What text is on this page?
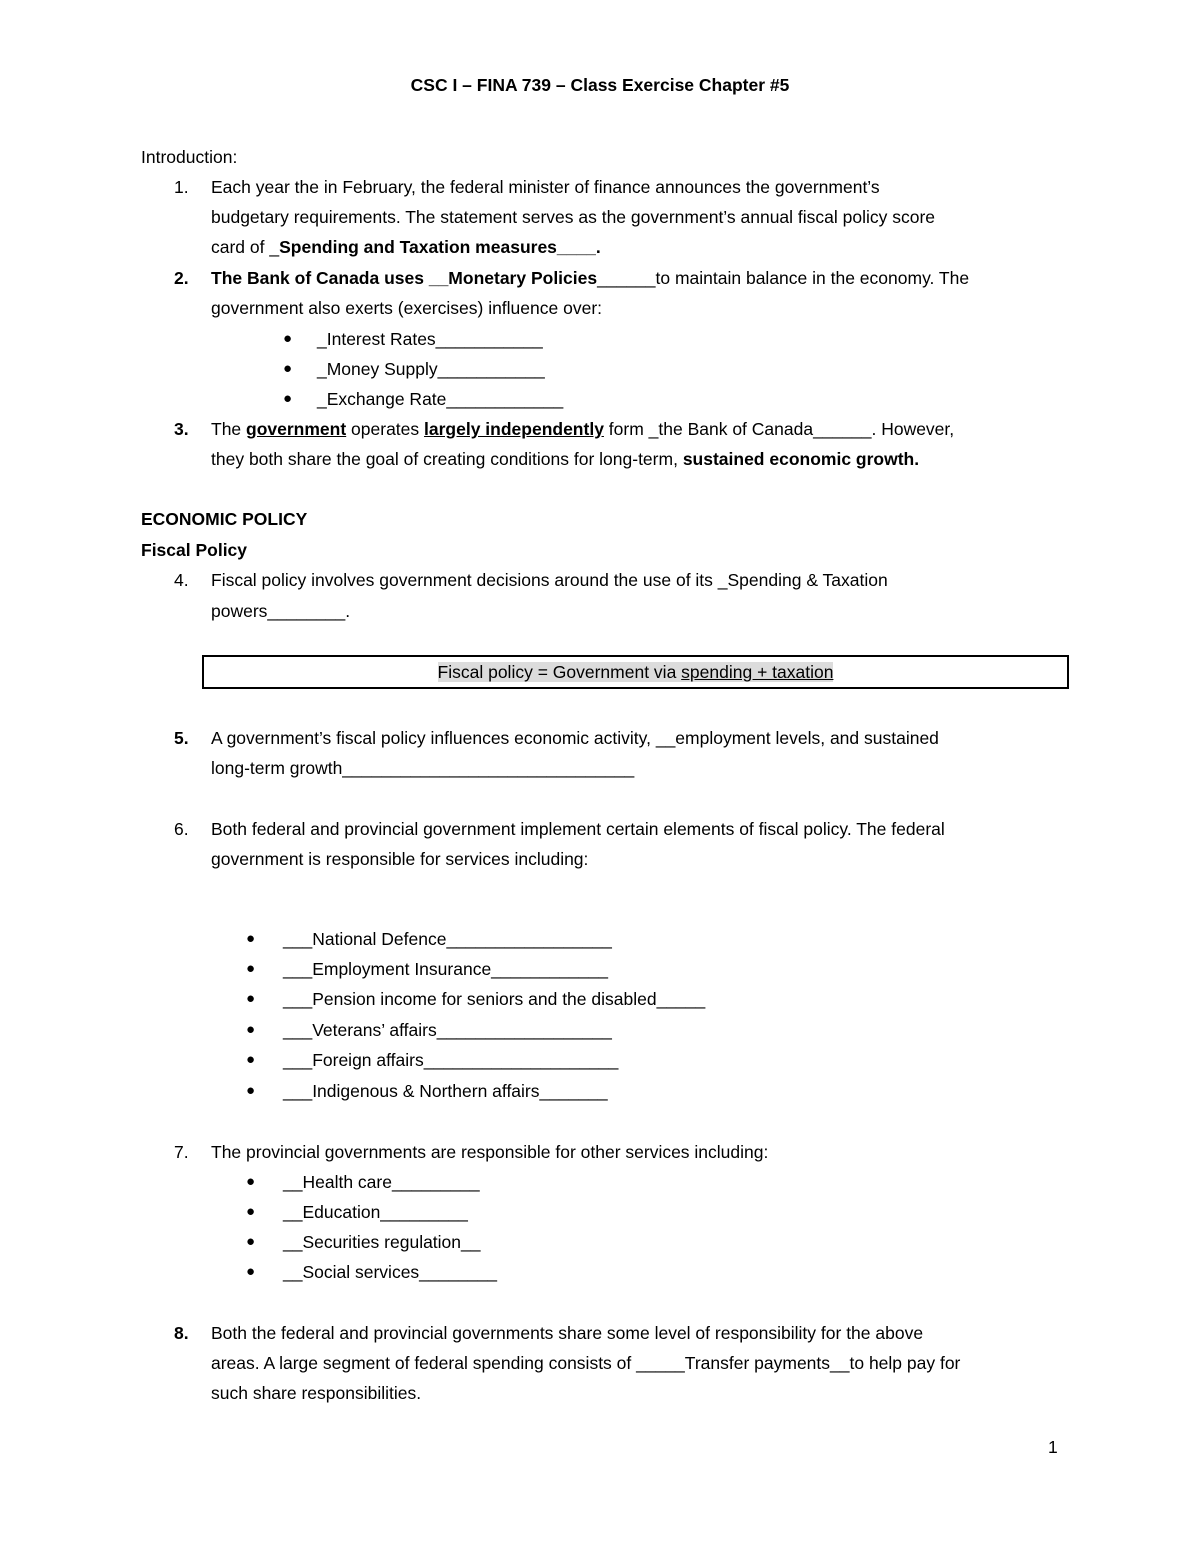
CSC I – FINA 739 – Class Exercise Chapter #5
Introduction:
1. Each year the in February, the federal minister of finance announces the government’s
budgetary requirements. The statement serves as the government’s annual fiscal policy score
card of _Spending and Taxation measures____.
2. The Bank of Canada uses __Monetary Policies______to maintain balance in the economy. The
government also exerts (exercises) influence over:
● _Interest Rates___________
● _Money Supply___________
● _Exchange Rate____________
3. The government operates largely independently form _the Bank of Canada______. However,
they both share the goal of creating conditions for long-term, sustained economic growth.
ECONOMIC POLICY
Fiscal Policy
4. Fiscal policy involves government decisions around the use of its _Spending & Taxation
powers________.
Fiscal policy = Government via spending + taxation
5. A government’s fiscal policy influences economic activity, __employment levels, and sustained
long-term growth______________________________
6. Both federal and provincial government implement certain elements of fiscal policy. The federal
government is responsible for services including:
● ___National Defence_________________
● ___Employment Insurance____________
● ___Pension income for seniors and the disabled_____
● ___Veterans’ affairs__________________
● ___Foreign affairs____________________
● ___Indigenous & Northern affairs_______
7. The provincial governments are responsible for other services including:
● __Health care_________
● __Education_________
● __Securities regulation__
● __Social services________
8. Both the federal and provincial governments share some level of responsibility for the above
areas. A large segment of federal spending consists of _____Transfer payments__to help pay for
such share responsibilities.
1
